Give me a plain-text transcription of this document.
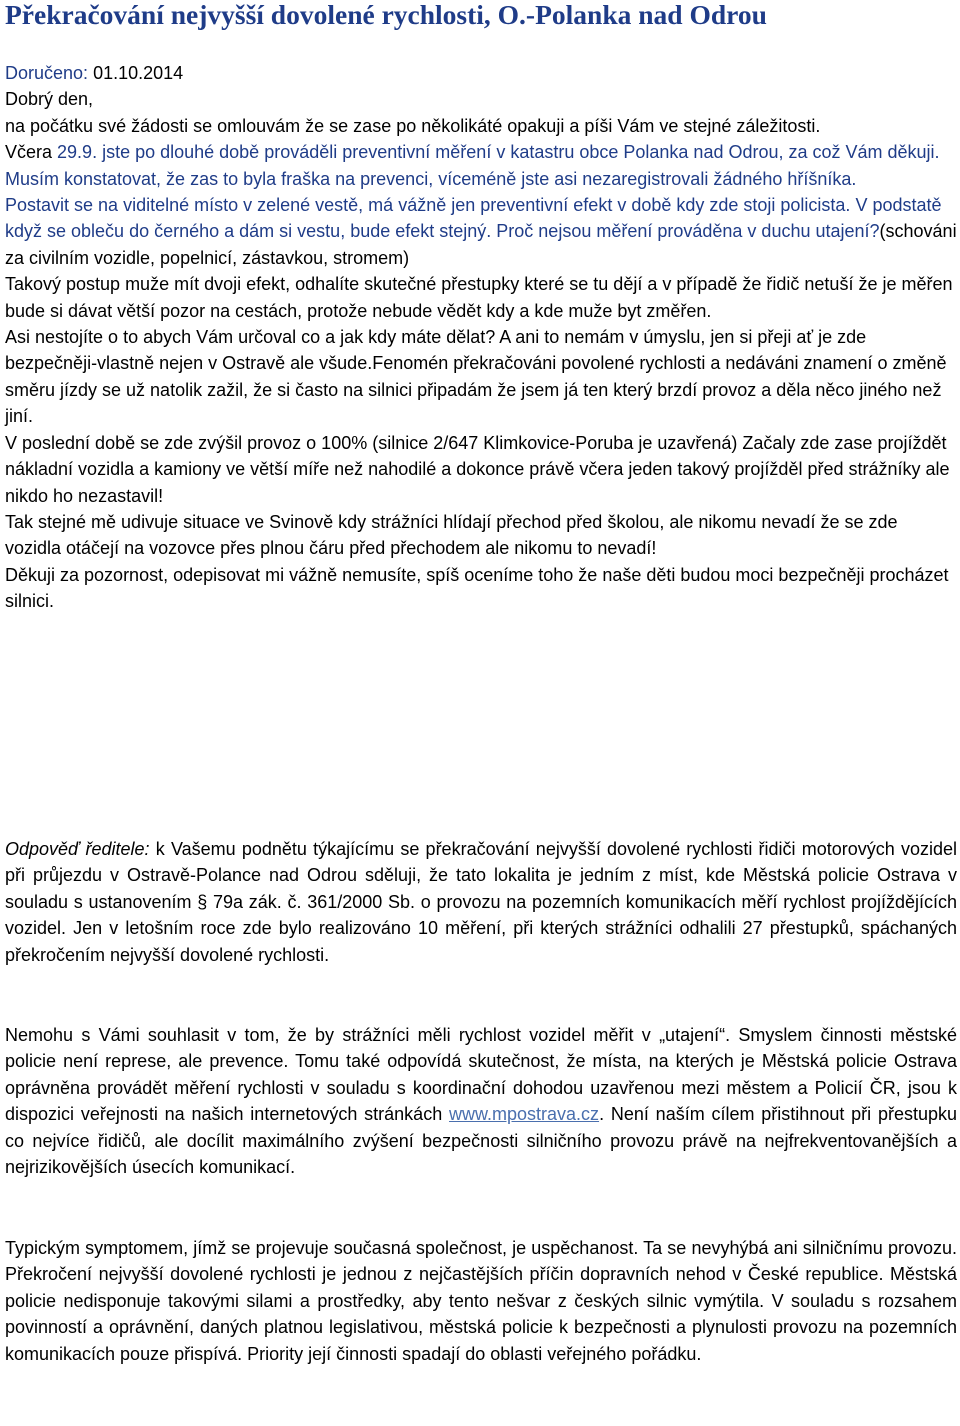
Překračování nejvyšší dovolené rychlosti, O.-Polanka nad Odrou

Doručeno: 01.10.2014

Dobrý den,

na počátku své žádosti se omlouvám že se zase po několikáté opakuji a píši Vám ve stejné záležitosti.

Včera 29.9. jste po dlouhé době prováděli preventivní měření v katastru obce Polanka nad Odrou, za což Vám děkuji.

Musím konstatovat, že zas to byla fraška na prevenci, víceméně jste asi nezaregistrovali žádného hříšníka.

Postavit se na viditelné místo v zelené vestě, má vážně jen preventivní efekt v době kdy zde stoji policista. V podstatě když se obleču do černého a dám si vestu, bude efekt stejný. Proč nejsou měření prováděna v duchu utajení?(schováni za civilním vozidle, popelnicí, zástavkou, stromem)

Takový postup muže mít dvoji efekt, odhalíte skutečné přestupky které se tu dějí a v případě že řidič netuší že je měřen bude si dávat větší pozor na cestách, protože nebude vědět kdy a kde muže byt změřen.

Asi nestojíte o to abych Vám určoval co a jak kdy máte dělat? A ani to nemám v úmyslu, jen si přeji ať je zde bezpečněji-vlastně nejen v Ostravě ale všude.Fenomén překračováni povolené rychlosti a nedáváni znamení o změně směru jízdy se už natolik zažil, že si často na silnici připadám že jsem já ten který brzdí provoz a děla něco jiného než jiní.

V poslední době se zde zvýšil provoz o 100% (silnice 2/647 Klimkovice-Poruba je uzavřená) Začaly zde zase projíždět nákladní vozidla a kamiony ve větší míře než nahodilé a dokonce právě včera jeden takový projížděl před strážníky ale nikdo ho nezastavil!

Tak stejné mě udivuje situace ve Svinově kdy strážníci hlídají přechod před školou, ale nikomu nevadí že se zde vozidla otáčejí na vozovce přes plnou čáru před přechodem ale nikomu to nevadí!

Děkuji za pozornost, odepisovat mi vážně nemusíte, spíš oceníme toho že naše děti budou moci bezpečněji procházet silnici.

Odpověď ředitele: k Vašemu podnětu týkajícímu se překračování nejvyšší dovolené rychlosti řidiči motorových vozidel při průjezdu v Ostravě-Polance nad Odrou sděluji, že tato lokalita je jedním z míst, kde Městská policie Ostrava v souladu s ustanovením § 79a zák. č. 361/2000 Sb. o provozu na pozemních komunikacích měří rychlost projíždějících vozidel. Jen v letošním roce zde bylo realizováno 10 měření, při kterých strážníci odhalili 27 přestupků, spáchaných překročením nejvyšší dovolené rychlosti.

Nemohu s Vámi souhlasit v tom, že by strážníci měli rychlost vozidel měřit v „utajení“. Smyslem činnosti městské policie není represe, ale prevence. Tomu také odpovídá skutečnost, že místa, na kterých je Městská policie Ostrava oprávněna provádět měření rychlosti v souladu s koordinační dohodou uzavřenou mezi městem a Policií ČR, jsou k dispozici veřejnosti na našich internetových stránkách www.mpostrava.cz. Není naším cílem přistihnout při přestupku co nejvíce řidičů, ale docílit maximálního zvýšení bezpečnosti silničního provozu právě na nejfrekventovanějších a nejrizikovějších úsecích komunikací.

Typickým symptomem, jímž se projevuje současná společnost, je uspěchanost. Ta se nevyhýbá ani silničnímu provozu. Překročení nejvyšší dovolené rychlosti je jednou z nejčastějších příčin dopravních nehod v České republice. Městská policie nedisponuje takovými silami a prostředky, aby tento nešvar z českých silnic vymýtila. V souladu s rozsahem povinností a oprávnění, daných platnou legislativou, městská policie k bezpečnosti a plynulosti provozu na pozemních komunikacích pouze přispívá. Priority její činnosti spadají do oblasti veřejného pořádku.
